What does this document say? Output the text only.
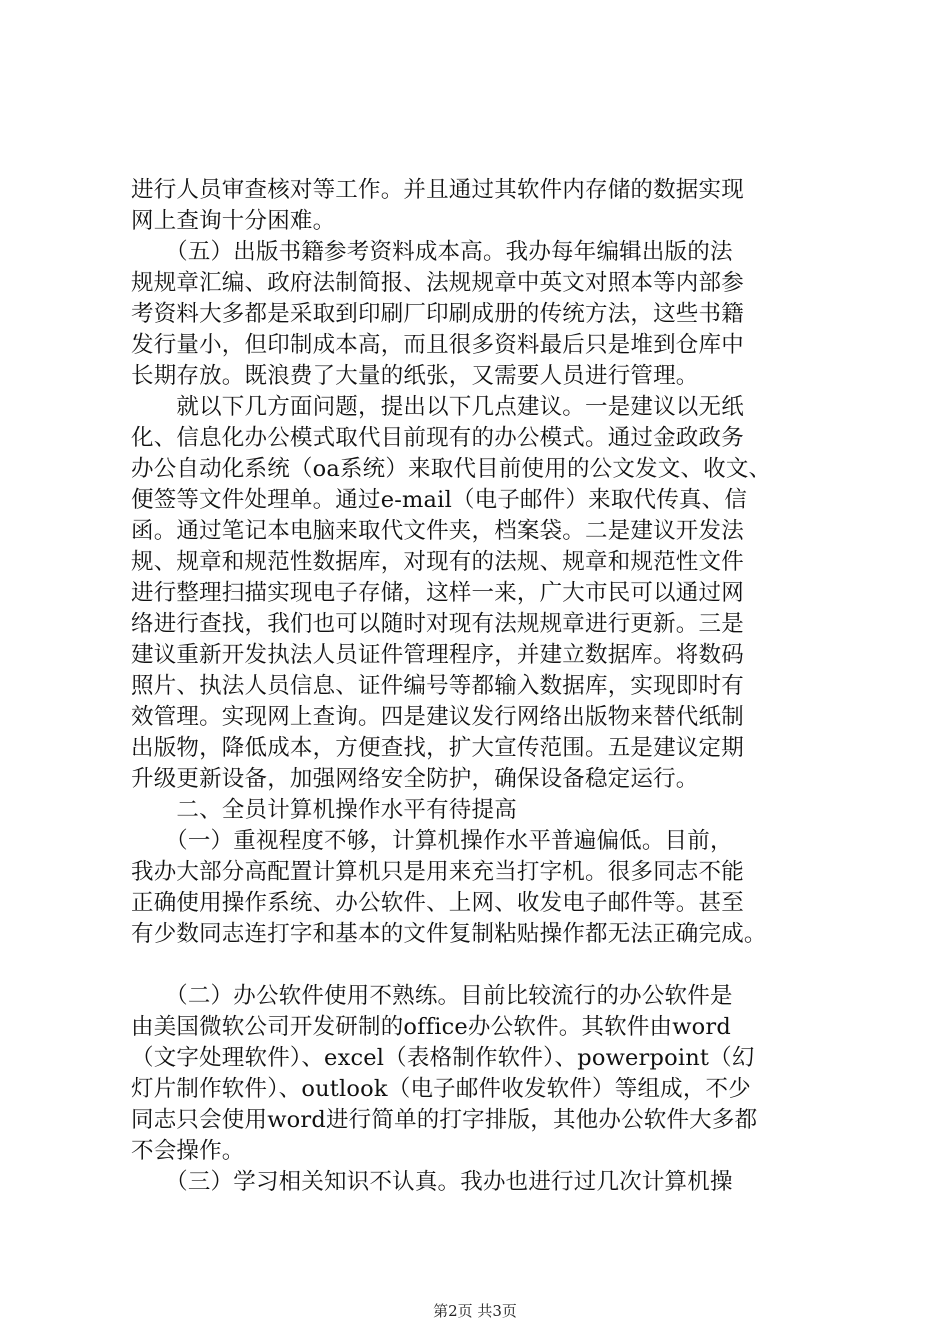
进行人员审查核对等工作。并且通过其软件内存储的数据实现
网上查询十分困难。
　　（五）出版书籍参考资料成本高。我办每年编辑出版的法
规规章汇编、政府法制简报、法规规章中英文对照本等内部参
考资料大多都是采取到印刷厂印刷成册的传统方法，这些书籍
发行量小，但印制成本高，而且很多资料最后只是堆到仓库中
长期存放。既浪费了大量的纸张，又需要人员进行管理。
　　就以下几方面问题，提出以下几点建议。一是建议以无纸
化、信息化办公模式取代目前现有的办公模式。通过金政政务
办公自动化系统（oa系统）来取代目前使用的公文发文、收文、
便签等文件处理单。通过e-mail（电子邮件）来取代传真、信
函。通过笔记本电脑来取代文件夹，档案袋。二是建议开发法
规、规章和规范性数据库，对现有的法规、规章和规范性文件
进行整理扫描实现电子存储，这样一来，广大市民可以通过网
络进行查找，我们也可以随时对现有法规规章进行更新。三是
建议重新开发执法人员证件管理程序，并建立数据库。将数码
照片、执法人员信息、证件编号等都输入数据库，实现即时有
效管理。实现网上查询。四是建议发行网络出版物来替代纸制
出版物，降低成本，方便查找，扩大宣传范围。五是建议定期
升级更新设备，加强网络安全防护，确保设备稳定运行。
　　二、全员计算机操作水平有待提高
　　（一）重视程度不够，计算机操作水平普遍偏低。目前，
我办大部分高配置计算机只是用来充当打字机。很多同志不能
正确使用操作系统、办公软件、上网、收发电子邮件等。甚至
有少数同志连打字和基本的文件复制粘贴操作都无法正确完成。
　　（二）办公软件使用不熟练。目前比较流行的办公软件是
由美国微软公司开发研制的office办公软件。其软件由word
（文字处理软件）、excel（表格制作软件）、powerpoint（幻
灯片制作软件）、outlook（电子邮件收发软件）等组成，不少
同志只会使用word进行简单的打字排版，其他办公软件大多都
不会操作。
　　（三）学习相关知识不认真。我办也进行过几次计算机操
第2页 共3页
